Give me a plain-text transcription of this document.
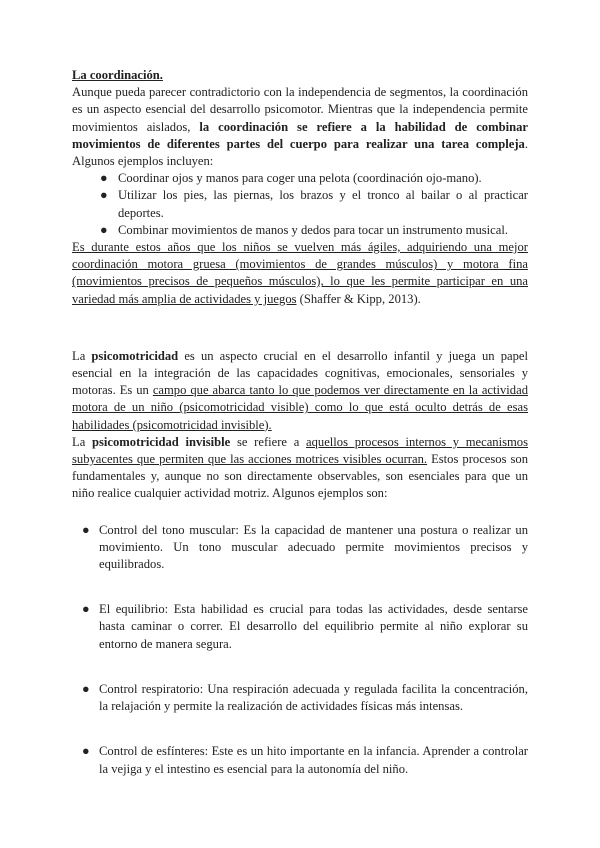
La coordinación.

Aunque pueda parecer contradictorio con la independencia de segmentos, la coordinación es un aspecto esencial del desarrollo psicomotor. Mientras que la independencia permite movimientos aislados, la coordinación se refiere a la habilidad de combinar movimientos de diferentes partes del cuerpo para realizar una tarea compleja. Algunos ejemplos incluyen:

● Coordinar ojos y manos para coger una pelota (coordinación ojo-mano).
● Utilizar los pies, las piernas, los brazos y el tronco al bailar o al practicar deportes.
● Combinar movimientos de manos y dedos para tocar un instrumento musical.

Es durante estos años que los niños se vuelven más ágiles, adquiriendo una mejor coordinación motora gruesa (movimientos de grandes músculos) y motora fina (movimientos precisos de pequeños músculos), lo que les permite participar en una variedad más amplia de actividades y juegos (Shaffer & Kipp, 2013).

La psicomotricidad es un aspecto crucial en el desarrollo infantil y juega un papel esencial en la integración de las capacidades cognitivas, emocionales, sensoriales y motoras. Es un campo que abarca tanto lo que podemos ver directamente en la actividad motora de un niño (psicomotricidad visible) como lo que está oculto detrás de esas habilidades (psicomotricidad invisible).

La psicomotricidad invisible se refiere a aquellos procesos internos y mecanismos subyacentes que permiten que las acciones motrices visibles ocurran. Estos procesos son fundamentales y, aunque no son directamente observables, son esenciales para que un niño realice cualquier actividad motriz. Algunos ejemplos son:

● Control del tono muscular: Es la capacidad de mantener una postura o realizar un movimiento. Un tono muscular adecuado permite movimientos precisos y equilibrados.
● El equilibrio: Esta habilidad es crucial para todas las actividades, desde sentarse hasta caminar o correr. El desarrollo del equilibrio permite al niño explorar su entorno de manera segura.
● Control respiratorio: Una respiración adecuada y regulada facilita la concentración, la relajación y permite la realización de actividades físicas más intensas.
● Control de esfínteres: Este es un hito importante en la infancia. Aprender a controlar la vejiga y el intestino es esencial para la autonomía del niño.
